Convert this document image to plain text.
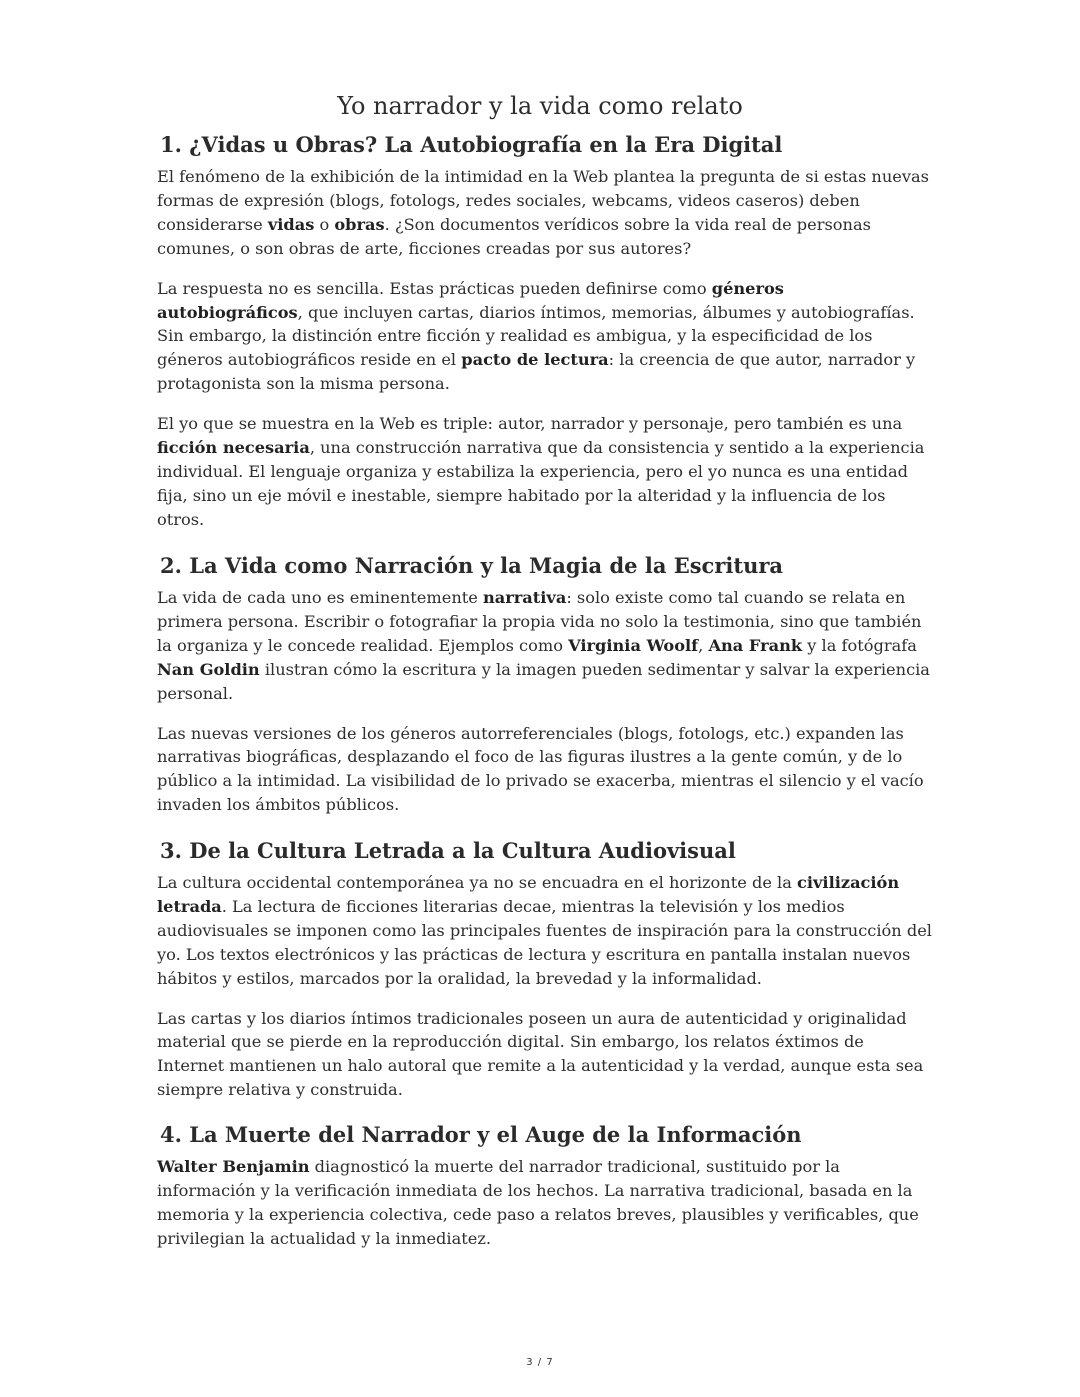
Yo narrador y la vida como relato
1. ¿Vidas u Obras? La Autobiografía en la Era Digital

El fenómeno de la exhibición de la intimidad en la Web plantea la pregunta de si estas nuevas formas de expresión (blogs, fotologs, redes sociales, webcams, videos caseros) deben considerarse vidas o obras. ¿Son documentos verídicos sobre la vida real de personas comunes, o son obras de arte, ficciones creadas por sus autores?

La respuesta no es sencilla. Estas prácticas pueden definirse como géneros autobiográficos, que incluyen cartas, diarios íntimos, memorias, álbumes y autobiografías. Sin embargo, la distinción entre ficción y realidad es ambigua, y la especificidad de los géneros autobiográficos reside en el pacto de lectura: la creencia de que autor, narrador y protagonista son la misma persona.

El yo que se muestra en la Web es triple: autor, narrador y personaje, pero también es una ficción necesaria, una construcción narrativa que da consistencia y sentido a la experiencia individual. El lenguaje organiza y estabiliza la experiencia, pero el yo nunca es una entidad fija, sino un eje móvil e inestable, siempre habitado por la alteridad y la influencia de los otros.

2. La Vida como Narración y la Magia de la Escritura

La vida de cada uno es eminentemente narrativa: solo existe como tal cuando se relata en primera persona. Escribir o fotografiar la propia vida no solo la testimonia, sino que también la organiza y le concede realidad. Ejemplos como Virginia Woolf, Ana Frank y la fotógrafa Nan Goldin ilustran cómo la escritura y la imagen pueden sedimentar y salvar la experiencia personal.

Las nuevas versiones de los géneros autorreferenciales (blogs, fotologs, etc.) expanden las narrativas biográficas, desplazando el foco de las figuras ilustres a la gente común, y de lo público a la intimidad. La visibilidad de lo privado se exacerba, mientras el silencio y el vacío invaden los ámbitos públicos.

3. De la Cultura Letrada a la Cultura Audiovisual

La cultura occidental contemporánea ya no se encuadra en el horizonte de la civilización letrada. La lectura de ficciones literarias decae, mientras la televisión y los medios audiovisuales se imponen como las principales fuentes de inspiración para la construcción del yo. Los textos electrónicos y las prácticas de lectura y escritura en pantalla instalan nuevos hábitos y estilos, marcados por la oralidad, la brevedad y la informalidad.

Las cartas y los diarios íntimos tradicionales poseen un aura de autenticidad y originalidad material que se pierde en la reproducción digital. Sin embargo, los relatos éxtimos de Internet mantienen un halo autoral que remite a la autenticidad y la verdad, aunque esta sea siempre relativa y construida.

4. La Muerte del Narrador y el Auge de la Información

Walter Benjamin diagnosticó la muerte del narrador tradicional, sustituido por la información y la verificación inmediata de los hechos. La narrativa tradicional, basada en la memoria y la experiencia colectiva, cede paso a relatos breves, plausibles y verificables, que privilegian la actualidad y la inmediatez.

3 / 7
